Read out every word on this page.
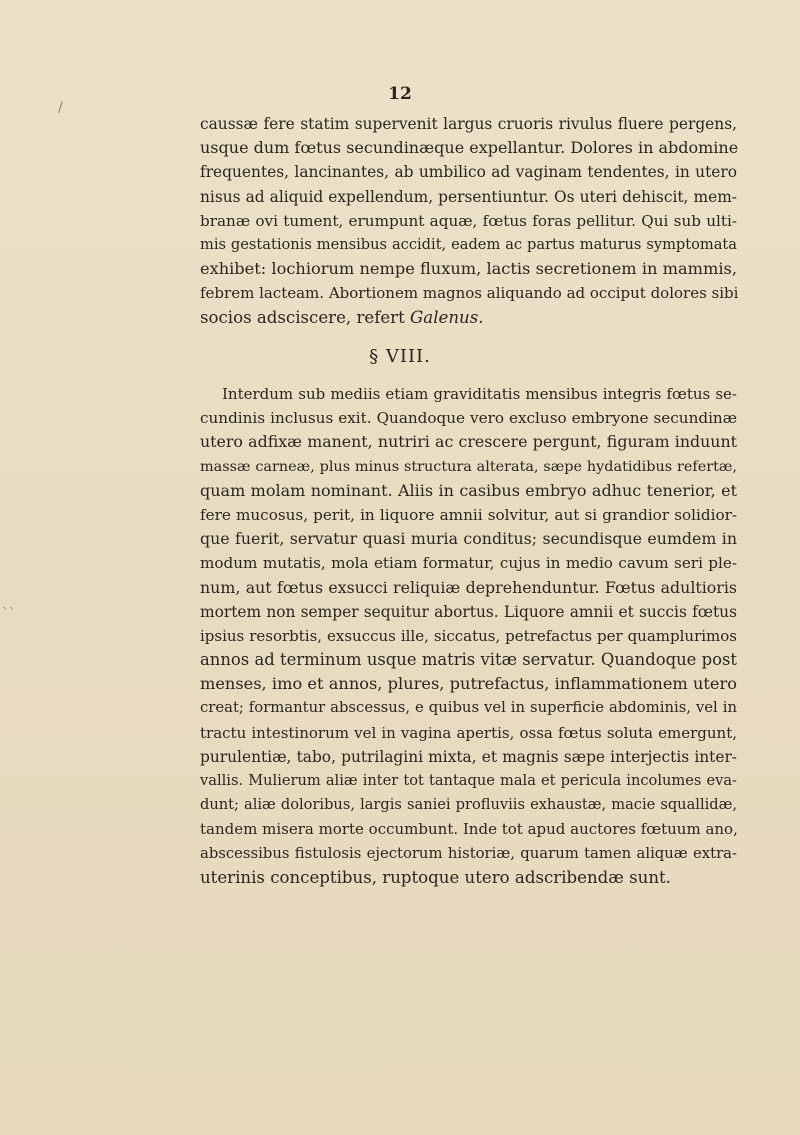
/
``
12
caussæ fere statim supervenit largus cruoris rivulus fluere pergens,
usque dum fœtus secundinæque expellantur. Dolores in abdomine
frequentes, lancinantes, ab umbilico ad vaginam tendentes, in utero
nisus ad aliquid expellendum, persentiuntur. Os uteri dehiscit, mem-
branæ ovi tument, erumpunt aquæ, fœtus foras pellitur. Qui sub ulti-
mis gestationis mensibus accidit, eadem ac partus maturus symptomata
exhibet: lochiorum nempe fluxum, lactis secretionem in mammis,
febrem lacteam. Abortionem magnos aliquando ad occiput dolores sibi
socios adsciscere, refert Galenus.
§ VIII.
Interdum sub mediis etiam graviditatis mensibus integris fœtus se-
cundinis inclusus exit. Quandoque vero excluso embryone secundinæ
utero adfixæ manent, nutriri ac crescere pergunt, figuram induunt
massæ carneæ, plus minus structura alterata, sæpe hydatidibus refertæ,
quam molam nominant. Aliis in casibus embryo adhuc tenerior, et
fere mucosus, perit, in liquore amnii solvitur, aut si grandior solidior-
que fuerit, servatur quasi muria conditus; secundisque eumdem in
modum mutatis, mola etiam formatur, cujus in medio cavum seri ple-
num, aut fœtus exsucci reliquiæ deprehenduntur. Fœtus adultioris
mortem non semper sequitur abortus. Liquore amnii et succis fœtus
ipsius resorbtis, exsuccus ille, siccatus, petrefactus per quamplurimos
annos ad terminum usque matris vitæ servatur. Quandoque post
menses, imo et annos, plures, putrefactus, inflammationem utero
creat; formantur abscessus, e quibus vel in superficie abdominis, vel in
tractu intestinorum vel in vagina apertis, ossa fœtus soluta emergunt,
purulentiæ, tabo, putrilagini mixta, et magnis sæpe interjectis inter-
vallis. Mulierum aliæ inter tot tantaque mala et pericula incolumes eva-
dunt; aliæ doloribus, largis saniei profluviis exhaustæ, macie squallidæ,
tandem misera morte occumbunt. Inde tot apud auctores fœtuum ano,
abscessibus fistulosis ejectorum historiæ, quarum tamen aliquæ extra-
uterinis conceptibus, ruptoque utero adscribendæ sunt.
